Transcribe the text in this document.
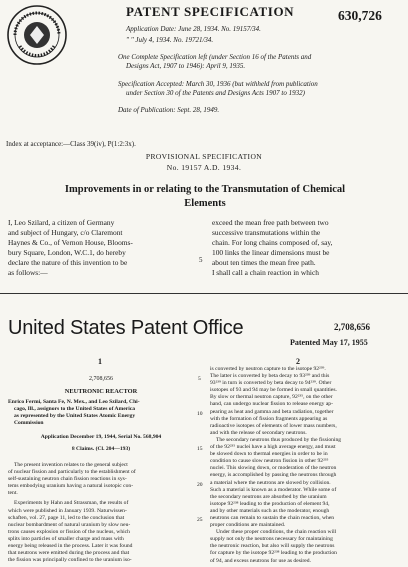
PATENT SPECIFICATION	630,726
Application Date: June 28, 1934. No. 19157/34.
" " July 4, 1934. No. 19721/34.
One Complete Specification left (under Section 16 of the Patents and
Designs Act, 1907 to 1946): April 9, 1935.
Specification Accepted: March 30, 1936 (but withheld from publication
under Section 30 of the Patents and Designs Acts 1907 to 1932)
Date of Publication: Sept. 28, 1949.
Index at acceptance:—Class 39(iv), P(1:2:3x).
PROVISIONAL SPECIFICATION
No. 19157 A.D. 1934.
Improvements in or relating to the Transmutation of Chemical
Elements
I, Leo Szilard, a citizen of Germany
and subject of Hungary, c/o Claremont
Haynes & Co., of Vernon House, Blooms-
bury Square, London, W.C.1, do hereby
declare the nature of this invention to be
as follows:—
5
exceed the mean free path between two
successive transmutations within the
chain. For long chains composed of, say,
100 links the linear dimensions must be
about ten times the mean free path.
I shall call a chain reaction in which
United States Patent Office	2,708,656
Patented May 17, 1955
1	2
2,708,656
NEUTRONIC REACTOR
Enrico Fermi, Santa Fe, N. Mex., and Leo Szilard, Chi-
cago, Ill., assignors to the United States of America
as represented by the United States Atomic Energy
Commission
Application December 19, 1944, Serial No. 568,904
8 Claims. (Cl. 204—193)
The present invention relates to the general subject
of nuclear fission and particularly to the establishment of
self-sustaining neutron chain fission reactions in sys-
tems embodying uranium having a natural isotopic con-
tent.
Experiments by Hahn and Strassman, the results of
which were published in January 1939. Naturwissen-
schaften, vol. 27, page 11, led to the conclusion that
nuclear bombardment of natural uranium by slow neu-
trons causes explosion or fission of the nucleus, which
splits into particles of smaller charge and mass with
energy being released in the process. Later it was found
that neutrons were emitted during the process and that
the fission was principally confined to the uranium iso-
5
10
15
20
25
is converted by neutron capture to the isotope 92²³⁹.
The latter is converted by beta decay to 93²³⁹ and this
93²³⁹ in turn is converted by beta decay to 94²³⁹. Other
isotopes of 93 and 94 may be formed in small quantities.
By slow or thermal neutron capture, 92²³⁵, on the other
hand, can undergo nuclear fission to release energy ap-
pearing as heat and gamma and beta radiation, together
with the formation of fission fragments appearing as
radioactive isotopes of elements of lower mass numbers,
and with the release of secondary neutrons.
The secondary neutrons thus produced by the fissioning
of the 92²³⁵ nuclei have a high average energy, and must
be slowed down to thermal energies in order to be in
condition to cause slow neutron fission in other 92²³⁵
nuclei. This slowing down, or moderation of the neutron
energy, is accomplished by passing the neutrons through
a material where the neutrons are slowed by collision.
Such a material is known as a moderator. While some of
the secondary neutrons are absorbed by the uranium
isotope 92²³⁸ leading to the production of element 94,
and by other materials such as the moderator, enough
neutrons can remain to sustain the chain reaction, when
proper conditions are maintained.
Under these proper conditions, the chain reaction will
supply not only the neutrons necessary for maintaining
the neutronic reaction, but also will supply the neutrons
for capture by the isotope 92²³⁸ leading to the production
of 94, and excess neutrons for use as desired.
